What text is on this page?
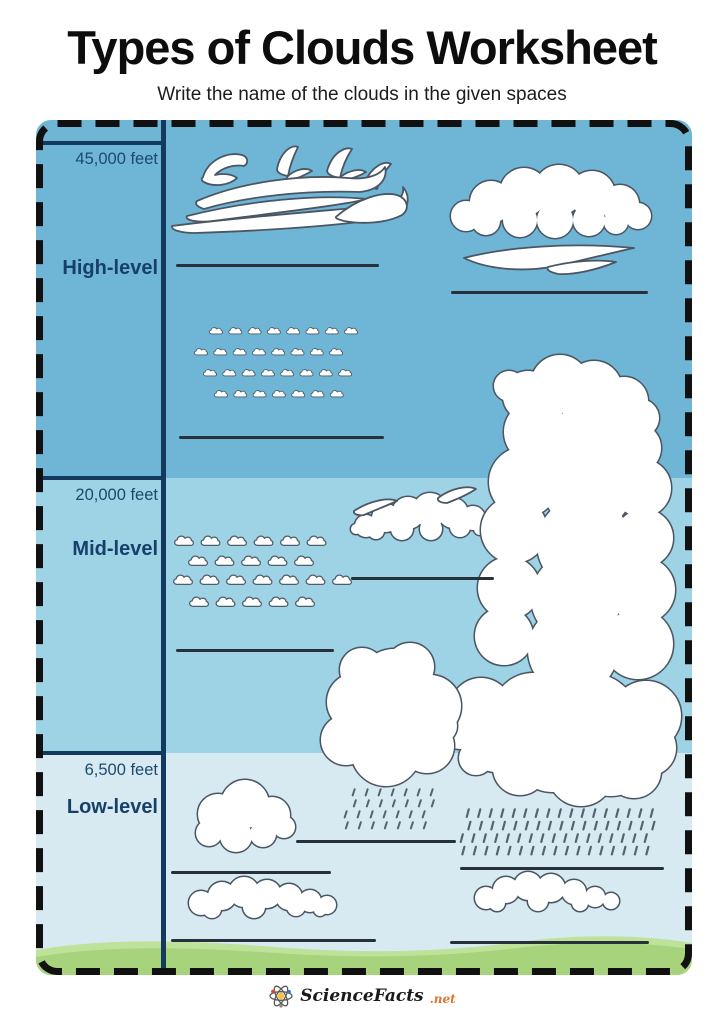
Types of Clouds Worksheet
Write the name of the clouds in the given spaces
45,000 feet
20,000 feet
6,500 feet
High-level
Mid-level
Low-level
ScienceFacts .net
